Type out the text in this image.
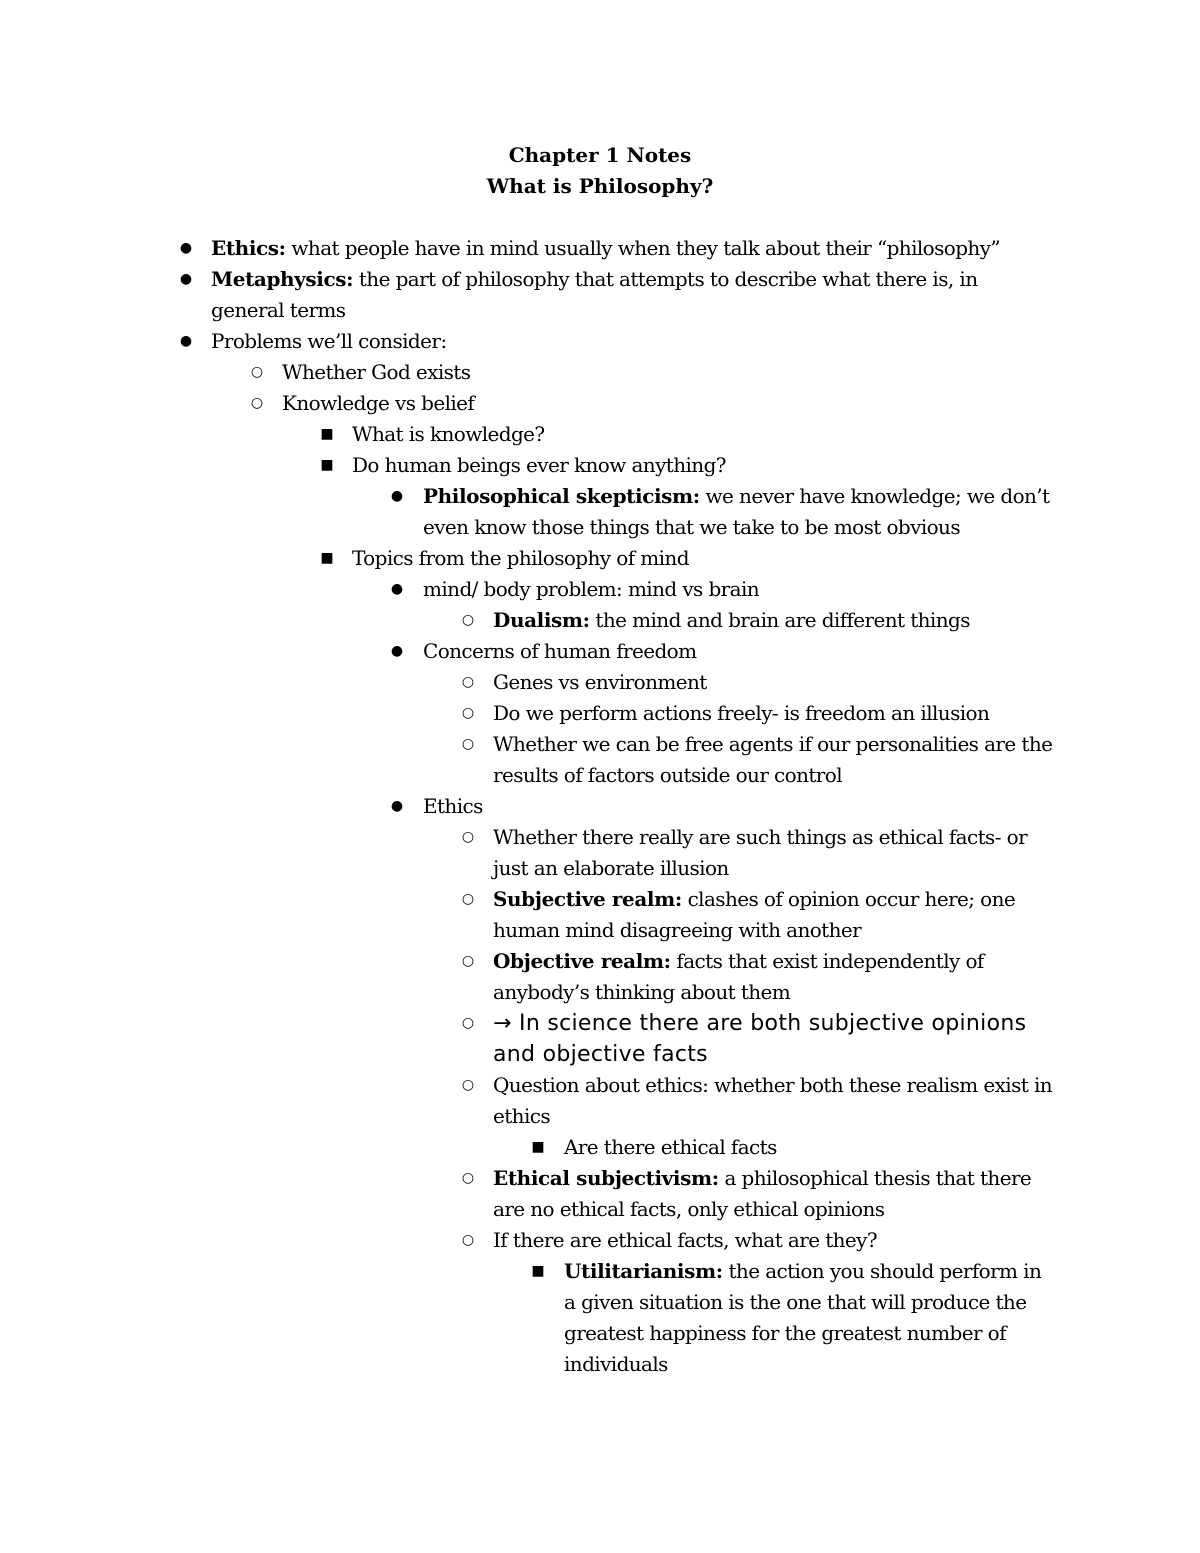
Chapter 1 Notes
What is Philosophy?
● Ethics: what people have in mind usually when they talk about their “philosophy”
● Metaphysics: the part of philosophy that attempts to describe what there is, in general terms
● Problems we’ll consider:
○ Whether God exists
○ Knowledge vs belief
■ What is knowledge?
■ Do human beings ever know anything?
● Philosophical skepticism: we never have knowledge; we don’t even know those things that we take to be most obvious
■ Topics from the philosophy of mind
● mind/ body problem: mind vs brain
○ Dualism: the mind and brain are different things
● Concerns of human freedom
○ Genes vs environment
○ Do we perform actions freely- is freedom an illusion
○ Whether we can be free agents if our personalities are the results of factors outside our control
● Ethics
○ Whether there really are such things as ethical facts- or just an elaborate illusion
○ Subjective realm: clashes of opinion occur here; one human mind disagreeing with another
○ Objective realm: facts that exist independently of anybody’s thinking about them
○ → In science there are both subjective opinions and objective facts
○ Question about ethics: whether both these realism exist in ethics
■ Are there ethical facts
○ Ethical subjectivism: a philosophical thesis that there are no ethical facts, only ethical opinions
○ If there are ethical facts, what are they?
■ Utilitarianism: the action you should perform in a given situation is the one that will produce the greatest happiness for the greatest number of individuals
